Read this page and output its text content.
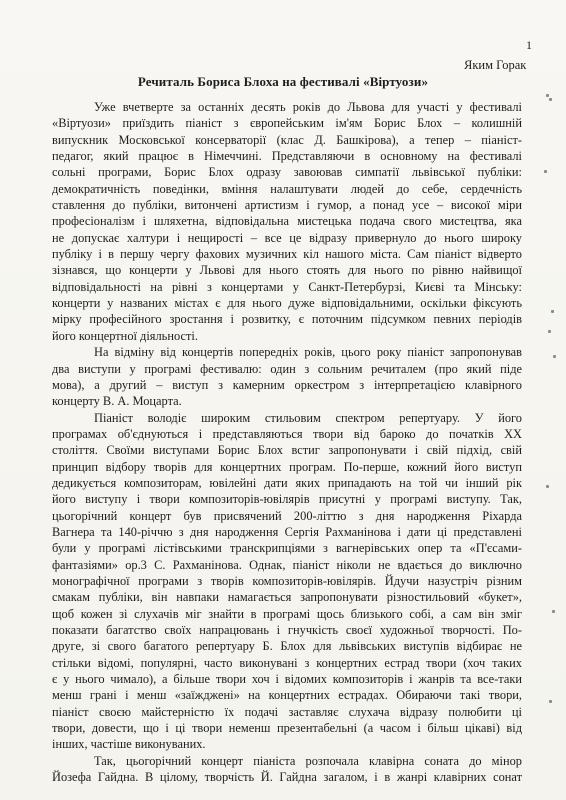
1
Яким Горак
Речиталь Бориса Блоха на фестивалі «Віртуози»
Уже вчетверте за останніх десять років до Львова для участі у фестивалі
«Віртуози» приїздить піаніст з європейським ім'ям Борис Блох – колишній
випускник Московської консерваторії (клас Д. Башкірова), а тепер – піаніст-
педагог, який працює в Німеччині. Представляючи в основному на фестивалі
сольні програми, Борис Блох одразу завоював симпатії львівської публіки:
демократичність поведінки, вміння налаштувати людей до себе, сердечність
ставлення до публіки, витончені артистизм і гумор, а понад усе – високої міри
професіоналізм і шляхетна, відповідальна мистецька подача свого мистецтва, яка
не допускає халтури і нещирості – все це відразу привернуло до нього широку
публіку і в першу чергу фахових музичних кіл нашого міста. Сам піаніст відверто
зізнався, що концерти у Львові для нього стоять для нього по рівню найвищої
відповідальності на рівні з концертами у Санкт-Петербурзі, Києві та Мінську:
концерти у названих містах є для нього дуже відповідальними, оскільки фіксують
мірку професійного зростання і розвитку, є поточним підсумком певних періодів
його концертної діяльності.
На відміну від концертів попередніх років, цього року піаніст запропонував
два виступи у програмі фестивалю: один з сольним речиталем (про який піде
мова), а другий – виступ з камерним оркестром з інтерпретацією клавірного
концерту В. А. Моцарта.
Піаніст володіє широким стильовим спектром репертуару. У його
програмах об'єднуються і представляються твори від бароко до початків XX
століття. Своїми виступами Борис Блох встиг запропонувати і свій підхід, свій
принцип відбору творів для концертних програм. По-перше, кожний його виступ
дедикується композиторам, ювілейні дати яких припадають на той чи інший рік
його виступу і твори композиторів-ювілярів присутні у програмі виступу. Так,
цьогорічний концерт був присвячений 200-літтю з дня народження Ріхарда
Вагнера та 140-річчю з дня народження Сергія Рахманінова і дати ці представлені
були у програмі лістівськими транскрипціями з вагнерівських опер та «П'єсами-
фантазіями» op.3 С. Рахманінова. Однак, піаніст ніколи не вдається до виключно
монографічної програми з творів композиторів-ювілярів. Йдучи назустріч різним
смакам публіки, він навпаки намагається запропонувати різностильовий «букет»,
щоб кожен зі слухачів міг знайти в програмі щось близького собі, а сам він зміг
показати багатство своїх напрацювань і гнучкість своєї художньої творчості. По-
друге, зі свого багатого репертуару Б. Блох для львівських виступів відбирає не
стільки відомі, популярні, часто виконувані з концертних естрад твори (хоч таких
є у нього чимало), а більше твори хоч і відомих композиторів і жанрів та все-таки
менш грані і менш «заїжджені» на концертних естрадах. Обираючи такі твори,
піаніст своєю майстерністю їх подачі заставляє слухача відразу полюбити ці
твори, довести, що і ці твори неменш презентабельні (а часом і більш цікаві) від
інших, частіше виконуваних.
Так, цьогорічний концерт піаніста розпочала клавірна соната до мінор
Йозефа Гайдна. В цілому, творчість Й. Гайдна загалом, і в жанрі клавірних сонат
